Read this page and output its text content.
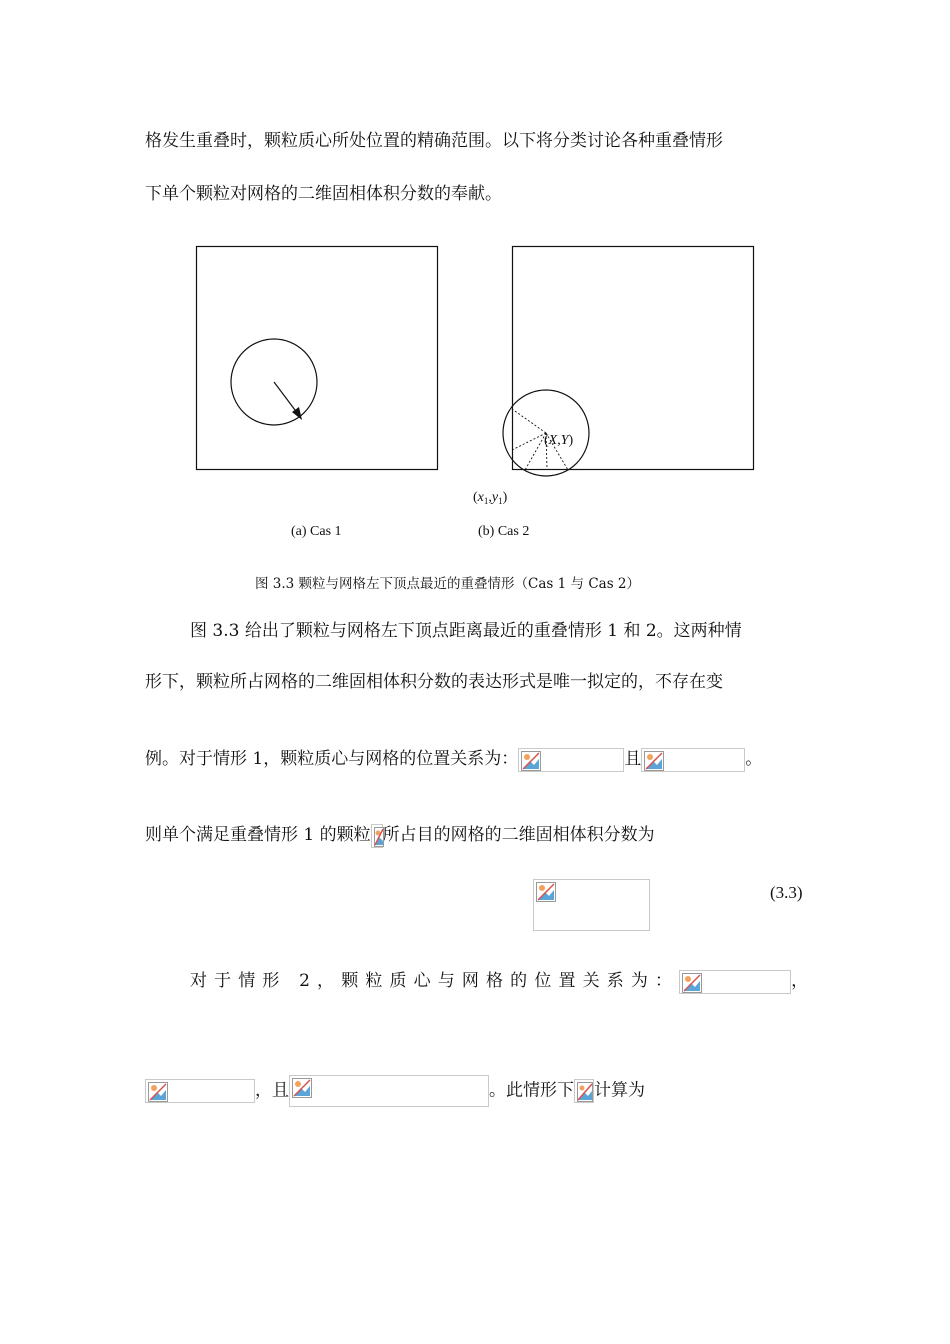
格发生重叠时，颗粒质心所处位置的精确范围。以下将分类讨论各种重叠情形
下单个颗粒对网格的二维固相体积分数的奉献。
(X,Y)
$(x_1,y_1)$
(a) Cas 1	(b) Cas 2
图 3.3 颗粒与网格左下顶点最近的重叠情形（Cas 1 与 Cas 2）
图 3.3 给出了颗粒与网格左下顶点距离最近的重叠情形 1 和 2。这两种情
形下，颗粒所占网格的二维固相体积分数的表达形式是唯一拟定的，不存在变
例。对于情形 1，颗粒质心与网格的位置关系为：	且	。
则单个满足重叠情形 1 的颗粒 所占目的网格的二维固相体积分数为
(3.3)
对于情形 2，颗粒质心与网格的位置关系为：	，
，且	。此情形下 计算为
